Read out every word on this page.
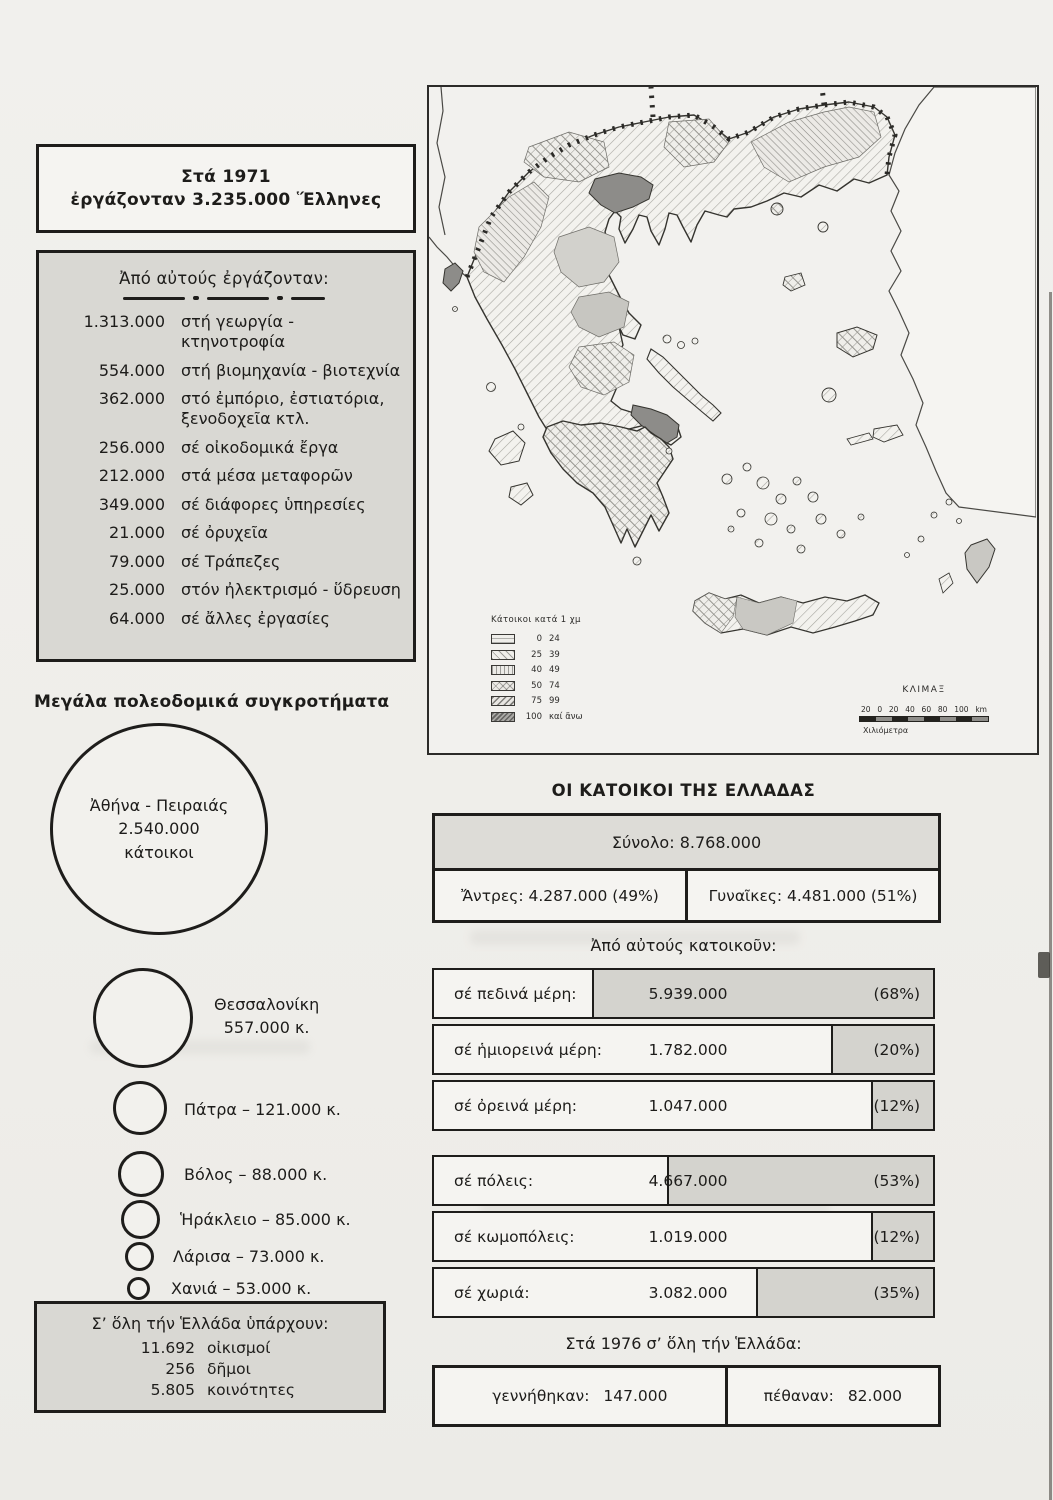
Στά 1971
ἐργάζονταν 3.235.000 Ἕλληνες
Ἀπό αὐτούς ἐργάζονταν:
1.313.000 στή γεωργία - κτηνοτροφία
554.000 στή βιομηχανία - βιοτεχνία
362.000 στό ἐμπόριο, ἐστιατόρια, ξενοδοχεῖα κτλ.
256.000 σέ οἰκοδομικά ἔργα
212.000 στά μέσα μεταφορῶν
349.000 σέ διάφορες ὑπηρεσίες
21.000 σέ ὀρυχεῖα
79.000 σέ Τράπεζες
25.000 στόν ἠλεκτρισμό - ὕδρευση
64.000 σέ ἄλλες ἐργασίες
Μεγάλα πολεοδομικά συγκροτήματα
Ἀθήνα - Πειραιάς
2.540.000
κάτοικοι
Θεσσαλονίκη
557.000 κ.
Πάτρα – 121.000 κ.
Βόλος – 88.000 κ.
Ἡράκλειο – 85.000 κ.
Λάρισα – 73.000 κ.
Χανιά – 53.000 κ.
Σ’ ὅλη τήν Ἑλλάδα ὑπάρχουν:
11.692 οἰκισμοί
256 δῆμοι
5.805 κοινότητες
Κάτοικοι κατά 1 χμ
0 24
25 39
40 49
50 74
75 99
100 καί ἄνω
ΚΛΙΜΑΞ
20 0 20 40 60 80 100 km
Χιλιόμετρα
ΟΙ ΚΑΤΟΙΚΟΙ ΤΗΣ ΕΛΛΑΔΑΣ
Σύνολο: 8.768.000
Ἄντρες: 4.287.000 (49%)	Γυναῖκες: 4.481.000 (51%)
Ἀπό αὐτούς κατοικοῦν:
σέ πεδινά μέρη:	5.939.000	(68%)
σέ ἡμιορεινά μέρη:	1.782.000	(20%)
σέ ὀρεινά μέρη:	1.047.000	(12%)
σέ πόλεις:	4.667.000	(53%)
σέ κωμοπόλεις:	1.019.000	(12%)
σέ χωριά:	3.082.000	(35%)
Στά 1976 σ’ ὅλη τήν Ἑλλάδα:
γεννήθηκαν: 147.000	πέθαναν: 82.000
